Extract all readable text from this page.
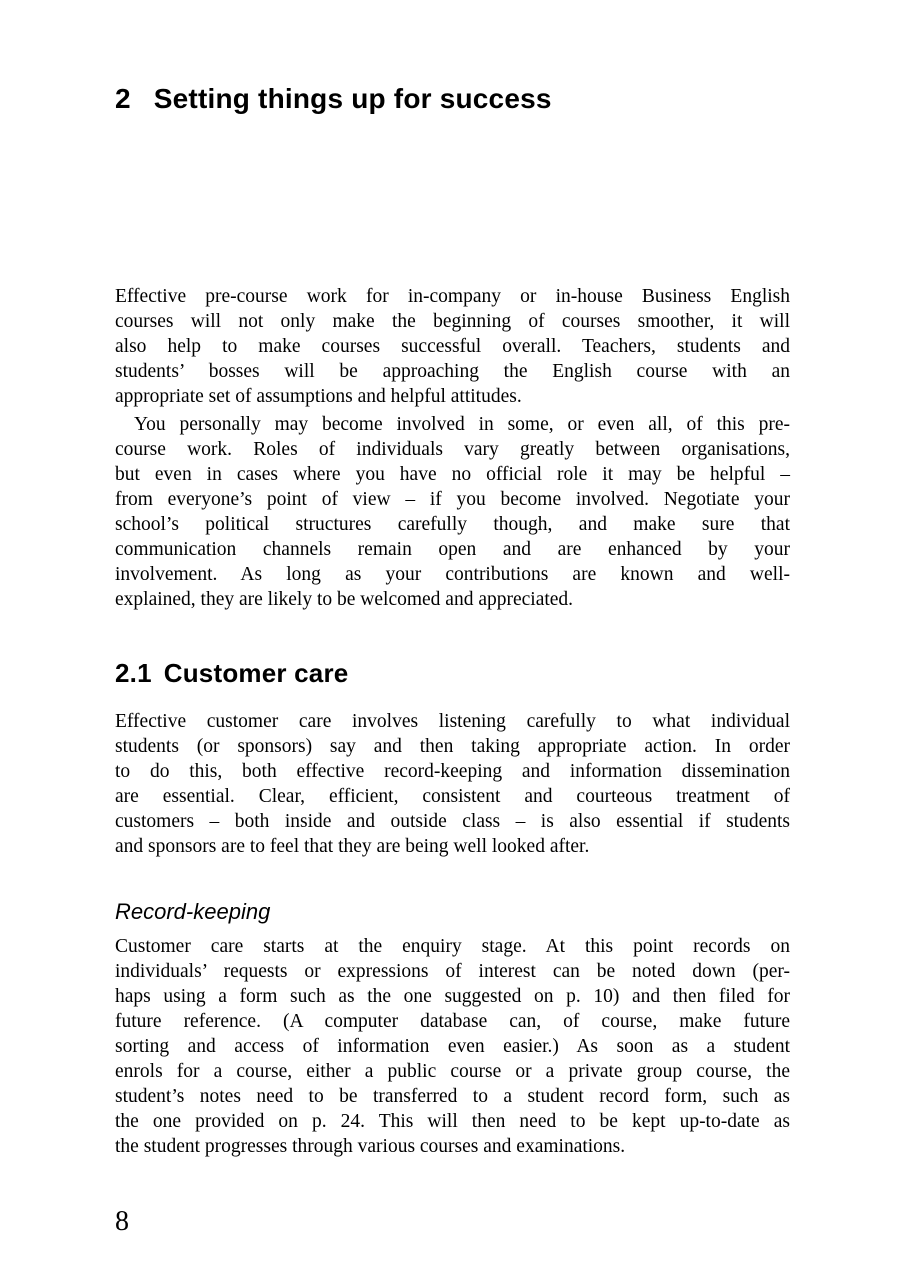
2 Setting things up for success
Effective pre-course work for in-company or in-house Business English
courses will not only make the beginning of courses smoother, it will
also help to make courses successful overall. Teachers, students and
students’ bosses will be approaching the English course with an
appropriate set of assumptions and helpful attitudes.
You personally may become involved in some, or even all, of this pre-
course work. Roles of individuals vary greatly between organisations,
but even in cases where you have no official role it may be helpful –
from everyone’s point of view – if you become involved. Negotiate your
school’s political structures carefully though, and make sure that
communication channels remain open and are enhanced by your
involvement. As long as your contributions are known and well-
explained, they are likely to be welcomed and appreciated.
2.1 Customer care
Effective customer care involves listening carefully to what individual
students (or sponsors) say and then taking appropriate action. In order
to do this, both effective record-keeping and information dissemination
are essential. Clear, efficient, consistent and courteous treatment of
customers – both inside and outside class – is also essential if students
and sponsors are to feel that they are being well looked after.
Record-keeping
Customer care starts at the enquiry stage. At this point records on
individuals’ requests or expressions of interest can be noted down (per-
haps using a form such as the one suggested on p. 10) and then filed for
future reference. (A computer database can, of course, make future
sorting and access of information even easier.) As soon as a student
enrols for a course, either a public course or a private group course, the
student’s notes need to be transferred to a student record form, such as
the one provided on p. 24. This will then need to be kept up-to-date as
the student progresses through various courses and examinations.
8
